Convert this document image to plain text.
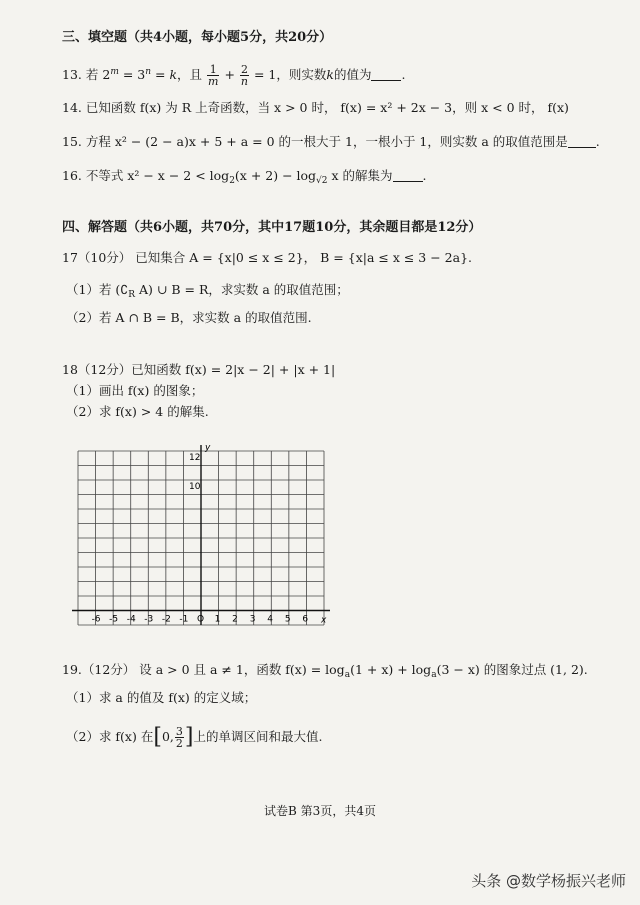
三、填空题（共4小题，每小题5分，共20分）
13. 若 $2^m = 3^n = k$，且 $\frac{1}{m} + \frac{2}{n} = 1$，则实数k的值为 .
14. 已知函数 f(x) 为 R 上奇函数，当 x > 0 时， f(x) = x² + 2x − 3，则 x < 0 时， f(x)
15. 方程 x² − (2 − a)x + 5 + a = 0 的一根大于 1，一根小于 1，则实数 a 的取值范围是 .
16. 不等式 $x^2 - x - 2 < \log_2(x + 2) - \log_{√2} x$ 的解集为 .
四、解答题（共6小题，共70分，其中17题10分，其余题目都是12分）
17（10分） 已知集合 A = {x|0 ≤ x ≤ 2}， B = {x|a ≤ x ≤ 3 − 2a}.
（1）若 ($∁_R$ A) ∪ B = R，求实数 a 的取值范围；
（2）若 A ∩ B = B，求实数 a 的取值范围.
18（12分）已知函数 f(x) = 2|x − 2| + |x + 1|
（1）画出 f(x) 的图象；
（2）求 f(x) > 4 的解集.
y
x
12
10
-6 -5 -4 -3 -2 -1 O 1 2 3 4 5 6
19.（12分） 设 a > 0 且 a ≠ 1，函数 $f(x) = \log_a(1 + x) + \log_a(3 - x)$ 的图象过点 (1, 2).
（1）求 a 的值及 f(x) 的定义域；
（2）求 f(x) 在[0, $\frac{3}{2}$ ]上的单调区间和最大值.
试卷B 第3页，共4页
头条 @数学杨振兴老师
